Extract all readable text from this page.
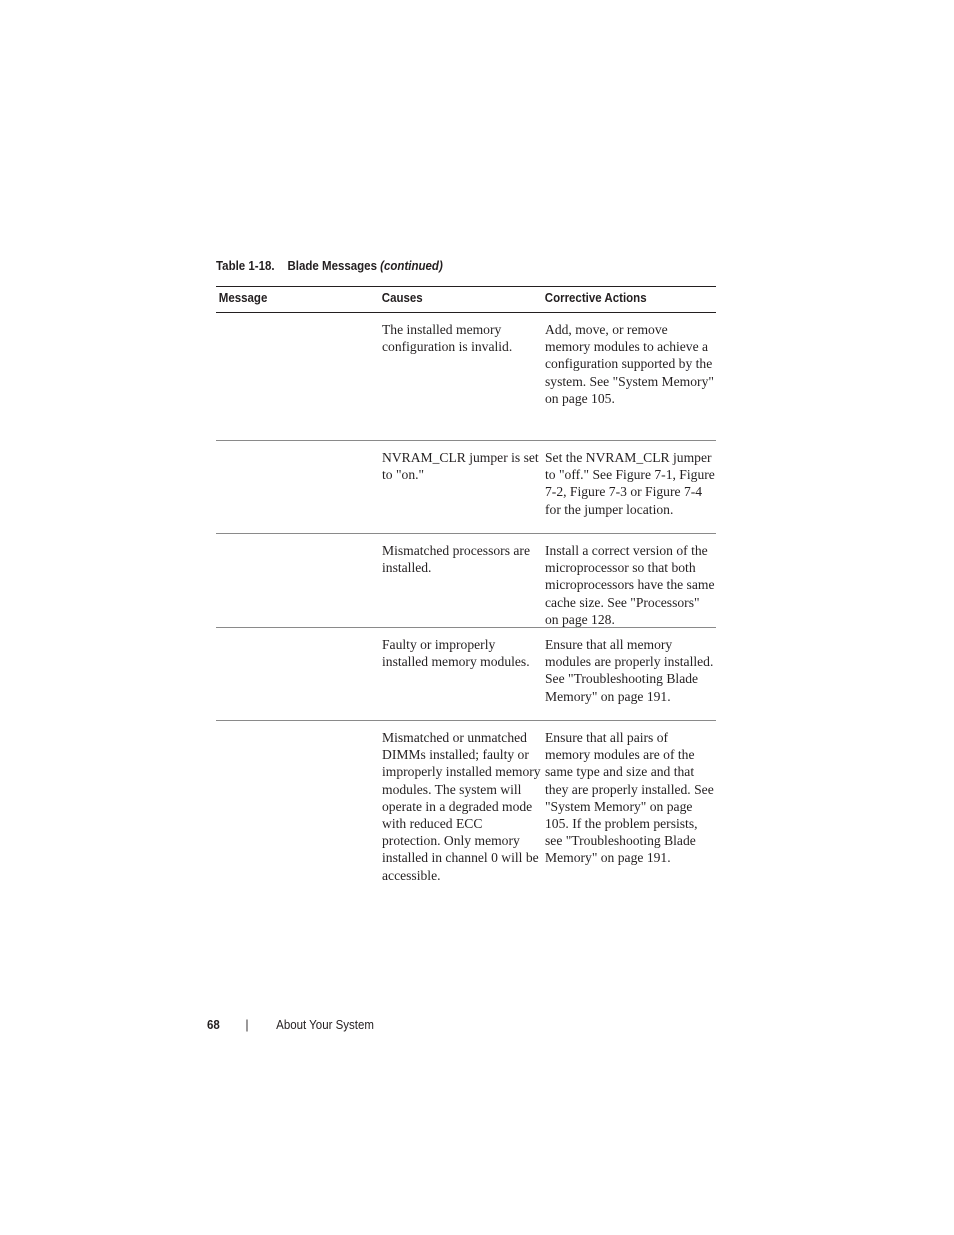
Table 1-18. Blade Messages (continued)
Message	Causes	Corrective Actions
The installed memory configuration is invalid.
Add, move, or remove memory modules to achieve a configuration supported by the system. See "System Memory" on page 105.
NVRAM_CLR jumper is set to "on."
Set the NVRAM_CLR jumper to "off." See Figure 7-1, Figure 7-2, Figure 7-3 or Figure 7-4 for the jumper location.
Mismatched processors are installed.
Install a correct version of the microprocessor so that both microprocessors have the same cache size. See "Processors" on page 128.
Faulty or improperly installed memory modules.
Ensure that all memory modules are properly installed. See "Troubleshooting Blade Memory" on page 191.
Mismatched or unmatched DIMMs installed; faulty or improperly installed memory modules. The system will operate in a degraded mode with reduced ECC protection. Only memory installed in channel 0 will be accessible.
Ensure that all pairs of memory modules are of the same type and size and that they are properly installed. See "System Memory" on page 105. If the problem persists, see "Troubleshooting Blade Memory" on page 191.
68 | About Your System
